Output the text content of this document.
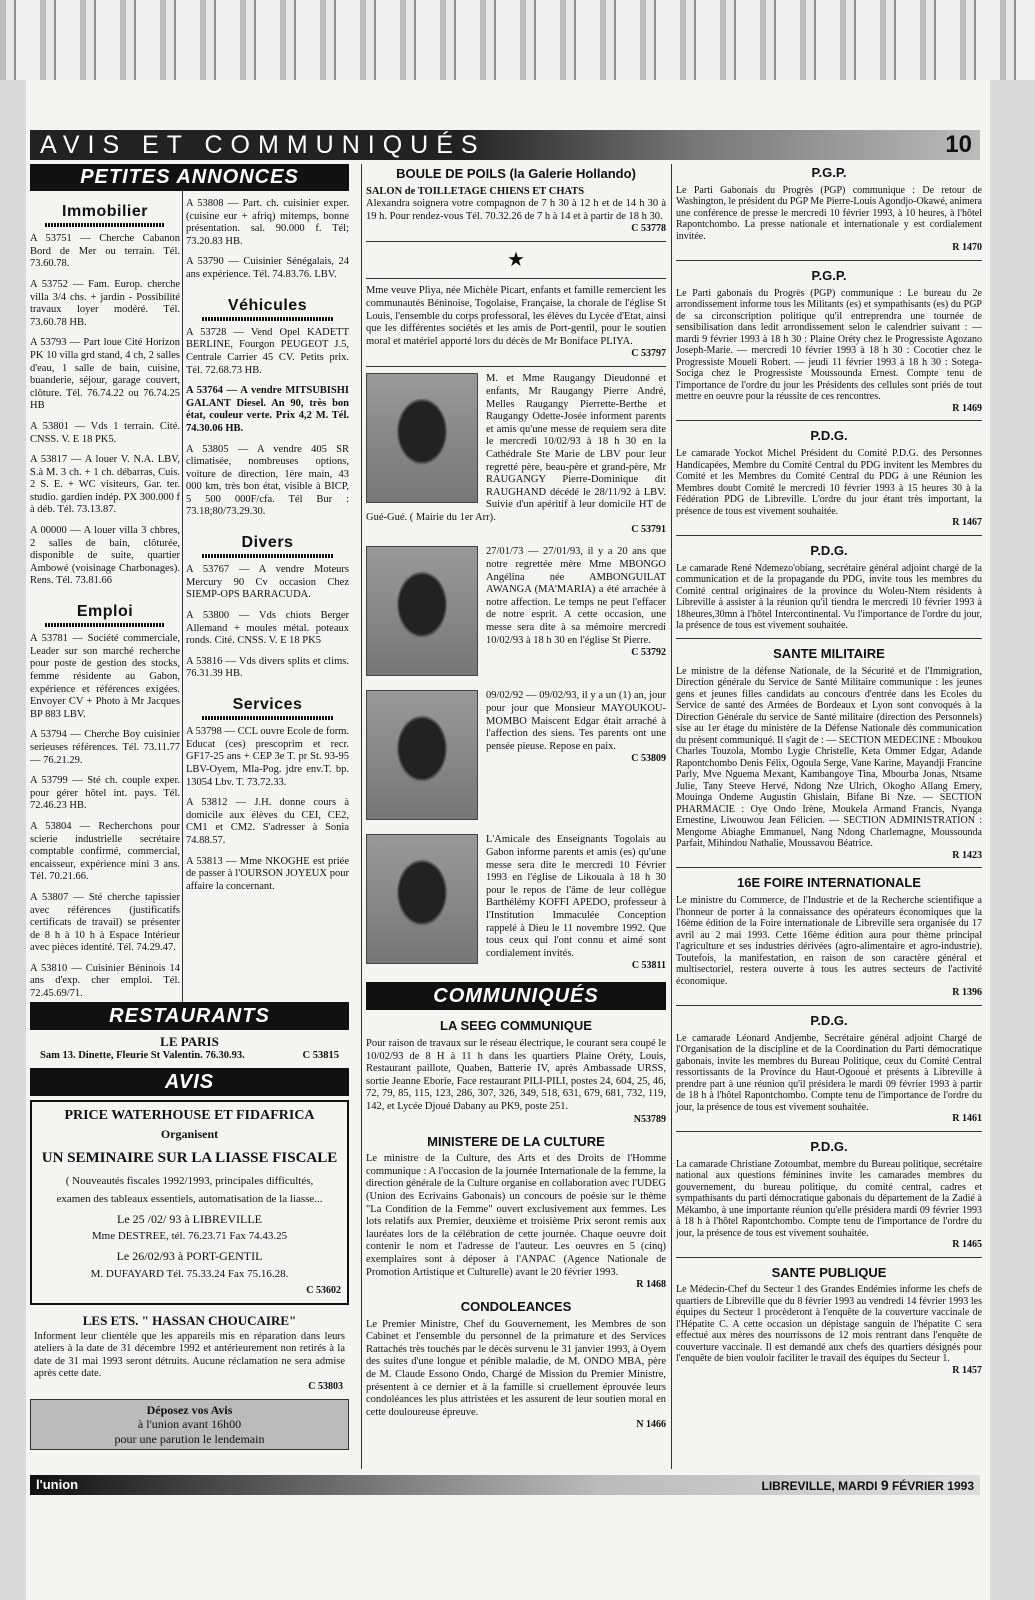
AVIS ET COMMUNIQUÉS	10
PETITES ANNONCES
Immobilier
A 53751 — Cherche Cabanon Bord de Mer ou terrain. Tél. 73.60.78.
A 53752 — Fam. Europ. cherche villa 3/4 chs. + jardin - Possibilité travaux loyer modéré. Tél. 73.60.78 HB.
A 53793 — Part loue Cité Horizon PK 10 villa grd stand, 4 ch, 2 salles d'eau, 1 salle de bain, cuisine, buanderie, séjour, garage couvert, clôture. Tél. 76.74.22 ou 76.74.25 HB
A 53801 — Vds 1 terrain. Cité. CNSS. V. E 18 PK5.
A 53817 — A louer V. N.A. LBV, S.à M. 3 ch. + 1 ch. débarras, Cuis. 2 S. E. + WC visiteurs, Gar. ter. studio. gardien indép. PX 300.000 f à déb. Tél. 73.13.87.
A 00000 — A louer villa 3 chbres, 2 salles de bain, clôturée, disponible de suite, quartier Ambowé (voisinage Charbonages). Rens. Tél. 73.81.66
Emploi
A 53781 — Société commerciale, Leader sur son marché recherche pour poste de gestion des stocks, femme résidente au Gabon, expérience et références exigées. Envoyer CV + Photo à Mr Jacques BP 883 LBV.
A 53794 — Cherche Boy cuisinier serieuses références. Tél. 73.11.77 — 76.21.29.
A 53799 — Sté ch. couple exper. pour gérer hôtel int. pays. Tél. 72.46.23 HB.
A 53804 — Recherchons pour scierie industrielle secrétaire comptable confirmé, commercial, encaisseur, expérience mini 3 ans. Tél. 70.21.66.
A 53807 — Sté cherche tapissier avec références (justificatifs certificats de travail) se présenter de 8 h à 10 h à Espace Intérieur avec pièces identité. Tél. 74.29.47.
A 53810 — Cuisinier Béninois 14 ans d'exp. cher emploi. Tél. 72.45.69/71.
A 53808 — Part. ch. cuisinier exper. (cuisine eur + afriq) mitemps, bonne présentation. sal. 90.000 f. Tél; 73.20.83 HB.
A 53790 — Cuisinier Sénégalais, 24 ans expérience. Tél. 74.83.76. LBV.
Véhicules
A 53728 — Vend Opel KADETT BERLINE, Fourgon PEUGEOT J.5, Centrale Carrier 45 CV. Petits prix. Tél. 72.68.73 HB.
A 53764 — A vendre MITSUBISHI GALANT Diesel. An 90, très bon état, couleur verte. Prix 4,2 M. Tél. 74.30.06 HB.
A 53805 — A vendre 405 SR climatisée, nombreuses options, voiture de direction, 1ère main, 43 000 km, très bon état, visible à BICP, 5 500 000F/cfa. Tél Bur : 73.18;80/73.29.30.
Divers
A 53767 — A vendre Moteurs Mercury 90 Cv occasion Chez SIEMP-OPS BARRACUDA.
A 53800 — Vds chiots Berger Allemand + moules métal. poteaux ronds. Cité. CNSS. V. E 18 PK5
A 53816 — Vds divers splits et clims. 76.31.39 HB.
Services
A 53798 — CCL ouvre Ecole de form. Educat (ces) prescoprim et recr. GF17-25 ans + CEP 3e T. pr St. 93-95 LBV-Oyem, Mla-Pog. jdre env.T. bp. 13054 Lbv. T. 73.72.33.
A 53812 — J.H. donne cours à domicile aux élèves du CEI, CE2, CM1 et CM2. S'adresser à Sonia 74.88.57.
A 53813 — Mme NKOGHE est priée de passer à l'OURSON JOYEUX pour affaire la concernant.
RESTAURANTS
LE PARIS
Sam 13. Dinette, Fleurie St Valentin. 76.30.93.	C 53815
AVIS
PRICE WATERHOUSE ET FIDAFRICA
Organisent
UN SEMINAIRE SUR LA LIASSE FISCALE
( Nouveautés fiscales 1992/1993, principales difficultés,
examen des tableaux essentiels, automatisation de la liasse...
Le 25 /02/ 93 à LIBREVILLE
Mme DESTREE, tél. 76.23.71 Fax 74.43.25
Le 26/02/93 à PORT-GENTIL
M. DUFAYARD Tél. 75.33.24 Fax 75.16.28.
C 53602
LES ETS. " HASSAN CHOUCAIRE"
Informent leur clientèle que les appareils mis en réparation dans leurs ateliers à la date de 31 décembre 1992 et antérieurement non retirés à la date de 31 mai 1993 seront détruits. Aucune réclamation ne sera admise après cette date.
C 53803
Déposez vos Avis
à l'union avant 16h00
pour une parution le lendemain
BOULE DE POILS (la Galerie Hollando)
SALON de TOILLETAGE CHIENS ET CHATS
Alexandra soignera votre compagnon de 7 h 30 à 12 h et de 14 h 30 à 19 h. Pour rendez-vous Tél. 70.32.26 de 7 h à 14 et à partir de 18 h 30.
C 53778
★
Mme veuve Pliya, née Michèle Picart, enfants et famille remercient les communautés Béninoise, Togolaise, Française, la chorale de l'église St Louis, l'ensemble du corps professoral, les élèves du Lycée d'Etat, ainsi que les différentes sociétés et les amis de Port-gentil, pour le soutien moral et matériel apporté lors du décès de Mr Boniface PLIYA.
C 53797
M. et Mme Raugangy Dieudonné et enfants, Mr Raugangy Pierre André, Melles Raugangy Pierrette-Berthe et Raugangy Odette-Josée informent parents et amis qu'une messe de requiem sera dite le mercredi 10/02/93 à 18 h 30 en la Cathédrale Ste Marie de LBV pour leur regretté père, beau-père et grand-père, Mr RAUGANGY Pierre-Dominique dit RAUGHAND décédé le 28/11/92 à LBV. Suivie d'un apéritif à leur domicile HT de Gué-Gué. ( Mairie du 1er Arr).
C 53791
27/01/73 — 27/01/93, il y a 20 ans que notre regrettée mère Mme MBONGO Angélina née AMBONGUILAT AWANGA (MA'MARIA) a été arrachée à notre affection. Le temps ne peut l'effacer de notre esprit. A cette occasion, une messe sera dite à sa mémoire mercredi 10/02/93 à 18 h 30 en l'église St Pierre.
C 53792
09/02/92 — 09/02/93, il y a un (1) an, jour pour jour que Monsieur MAYOUKOU-MOMBO Maiscent Edgar était arraché à l'affection des siens. Tes parents ont une pensée pieuse. Repose en paix.
C 53809
L'Amicale des Enseignants Togolais au Gabon informe parents et amis (es) qu'une messe sera dite le mercredi 10 Février 1993 en l'église de Likouala à 18 h 30 pour le repos de l'âme de leur collègue Barthélémy KOFFI APEDO, professeur à l'Institution Immaculée Conception rappelé à Dieu le 11 novembre 1992. Que tous ceux qui l'ont connu et aimé sont cordialement invités.
C 53811
COMMUNIQUÉS
LA SEEG COMMUNIQUE
Pour raison de travaux sur le réseau électrique, le courant sera coupé le 10/02/93 de 8 H à 11 h dans les quartiers Plaine Oréty, Louis, Restaurant paillote, Quaben, Batterie IV, après Ambassade URSS, sortie Jeanne Eborie, Face restaurant PILI-PILI, postes 24, 604, 25, 46, 72, 79, 85, 115, 123, 286, 307, 326, 349, 518, 631, 679, 681, 732, 119, 142, et Lycée Djoué Dabany au PK9, poste 251.
N53789
MINISTERE DE LA CULTURE
Le ministre de la Culture, des Arts et des Droits de l'Homme communique : A l'occasion de la journée Internationale de la femme, la direction générale de la Culture organise en collaboration avec l'UDEG (Union des Ecrivains Gabonais) un concours de poésie sur le thème "La Condition de la Femme" ouvert exclusivement aux femmes. Les lots relatifs aux Premier, deuxième et troisième Prix seront remis aux lauréates lors de la célébration de cette journée. Chaque oeuvre doit contenir le nom et l'adresse de l'auteur. Les oeuvres en 5 (cinq) exemplaires sont à déposer à l'ANPAC (Agence Nationale de Promotion Artistique et Culturelle) avant le 20 février 1993.
R 1468
CONDOLEANCES
Le Premier Ministre, Chef du Gouvernement, les Membres de son Cabinet et l'ensemble du personnel de la primature et des Services Rattachés très touchés par le décès survenu le 31 janvier 1993, à Oyem des suites d'une longue et pénible maladie, de M. ONDO MBA, père de M. Claude Essono Ondo, Chargé de Mission du Premier Ministre, présentent à ce dernier et à la famille si cruellement éprouvée leurs condoléances les plus attristées et les assurent de leur soutien moral en cette douloureuse épreuve.
N 1466
P.G.P.
Le Parti Gabonais du Progrès (PGP) communique : De retour de Washington, le président du PGP Me Pierre-Louis Agondjo-Okawé, animera une conférence de presse le mercredi 10 février 1993, à 10 heures, à l'hôtel Rapontchombo. La presse nationale et internationale y est cordialement invitée.
R 1470
P.G.P.
Le Parti gabonais du Progrès (PGP) communique : Le bureau du 2e arrondissement informe tous les Militants (es) et sympathisants (es) du PGP de sa circonscription politique qu'il entreprendra une tournée de sensibilisation dans ledit arrondissement selon le calendrier suivant : — mardi 9 février 1993 à 18 h 30 : Plaine Oréty chez le Progressiste Agozano Joseph-Marie. — mercredi 10 février 1993 à 18 h 30 : Cocotier chez le Progressiste Moueli Robert. — jeudi 11 février 1993 à 18 h 30 : Sotega-Sociga chez le Progressiste Moussounda Ernest. Compte tenu de l'importance de l'ordre du jour les Présidents des cellules sont priés de tout mettre en oeuvre pour la réussite de ces rencontres.
R 1469
P.D.G.
Le camarade Yockot Michel Président du Comité P.D.G. des Personnes Handicapées, Membre du Comité Central du PDG invitent les Membres du Comité et les Membres du Comité Central du PDG à une Réunion les Membres doubt Comité le mercredi 10 février 1993 à 15 heures 30 à la Fédération PDG de Libreville. L'ordre du jour étant très important, la présence de tous est vivement souhaitée.
R 1467
P.D.G.
Le camarade René Ndemezo'obiang, secrétaire général adjoint chargé de la communication et de la propagande du PDG, invite tous les membres du Comité central originaires de la province du Woleu-Ntem résidents à Libreville à assister à la réunion qu'il tiendra le mercredi 10 février 1993 à 18heures,30mn à l'hôtel Intercontinental. Vu l'importance de l'ordre du jour, la présence de tous est vivement souhaitée.
SANTE MILITAIRE
Le ministre de la défense Nationale, de la Sécurité et de l'Immigration, Direction générale du Service de Santé Militaire communique : les jeunes gens et jeunes filles candidats au concours d'entrée dans les Ecoles du Service de santé des Armées de Bordeaux et Lyon sont convoqués à la Direction Générale du service de Santé militaire (direction des Personnels) sise au 1er étage du ministère de la Défense Nationale dès communication du présent communiqué. Il s'agit de : — SECTION MEDECINE : Mboukou Charles Touzola, Mombo Lygie Christelle, Keta Ommer Edgar, Adande Rapontchombo Denis Félix, Ogoula Serge, Vane Karine, Mayandji Francine Parly, Mve Nguema Mexant, Kambangoye Tina, Mbourba Jonas, Ntsame Julie, Tany Steeve Hervé, Ndong Nze Ulrich, Okogho Allang Emery, Mouinga Ondeme Augustin Ghislain, Bifane Bi Nze. — SECTION PHARMACIE : Oye Ondo Irène, Moukela Armand Francis, Nyanga Ernestine, Liwouwou Jean Félicien. — SECTION ADMINISTRATION : Mengome Abiaghe Emmanuel, Nang Ndong Charlemagne, Moussounda Parfait, Mihindou Nathalie, Moussavou Béatrice.
R 1423
16E FOIRE INTERNATIONALE
Le ministre du Commerce, de l'Industrie et de la Recherche scientifique a l'honneur de porter à la connaissance des opérateurs économiques que la 16ème édition de la Foire internationale de Libreville sera organisée du 17 avril au 2 mai 1993. Cette 16ème édition aura pour thème principal l'agriculture et ses industries dérivées (agro-alimentaire et agro-industrie). Toutefois, la manifestation, en raison de son caractère général et multisectoriel, restera ouverte à tous les autres secteurs de l'activité économique.
R 1396
P.D.G.
Le camarade Léonard Andjembe, Secrétaire général adjoint Chargé de l'Organisation de la discipline et de la Coordination du Parti démocratique gabonais, invite les membres du Bureau Politique, ceux du Comité Central ressortissants de la Province du Haut-Ogooué et présents à Libreville à prendre part à une réunion qu'il présidera le mardi 09 février 1993 à partir de 18 h à l'hôtel Rapontchombo. Compte tenu de l'importance de l'ordre du jour, la présence de tous est vivement souhaitée.
R 1461
P.D.G.
La camarade Christiane Zotoumbat, membre du Bureau politique, secrétaire national aux questions féminines invite les camarades membres du gouvernement, du bureau politique, du comité central, cadres et sympathisants du parti démocratique gabonais du département de la Zadié à Mékambo, à une importante réunion qu'elle présidera mardi 09 février 1993 à 18 h à l'hôtel Rapontchombo. Compte tenu de l'importance de l'ordre du jour, la présence de tous est vivement souhaitée.
R 1465
SANTE PUBLIQUE
Le Médecin-Chef du Secteur 1 des Grandes Endémies informe les chefs de quartiers de Libreville que du 8 février 1993 au vendredi 14 février 1993 les équipes du Secteur 1 procèderont à l'enquête de la couverture vaccinale de l'Hépatite C. A cette occasion un dépistage sanguin de l'hépatite C sera effectué aux mères des nourrissons de 12 mois rentrant dans l'enquête de couverture vaccinale. Il est demandé aux chefs des quartiers désignés pour l'enquête de bien vouloir faciliter le travail des équipes du Secteur 1.
R 1457
l'union	LIBREVILLE, MARDI 9 FÉVRIER 1993
